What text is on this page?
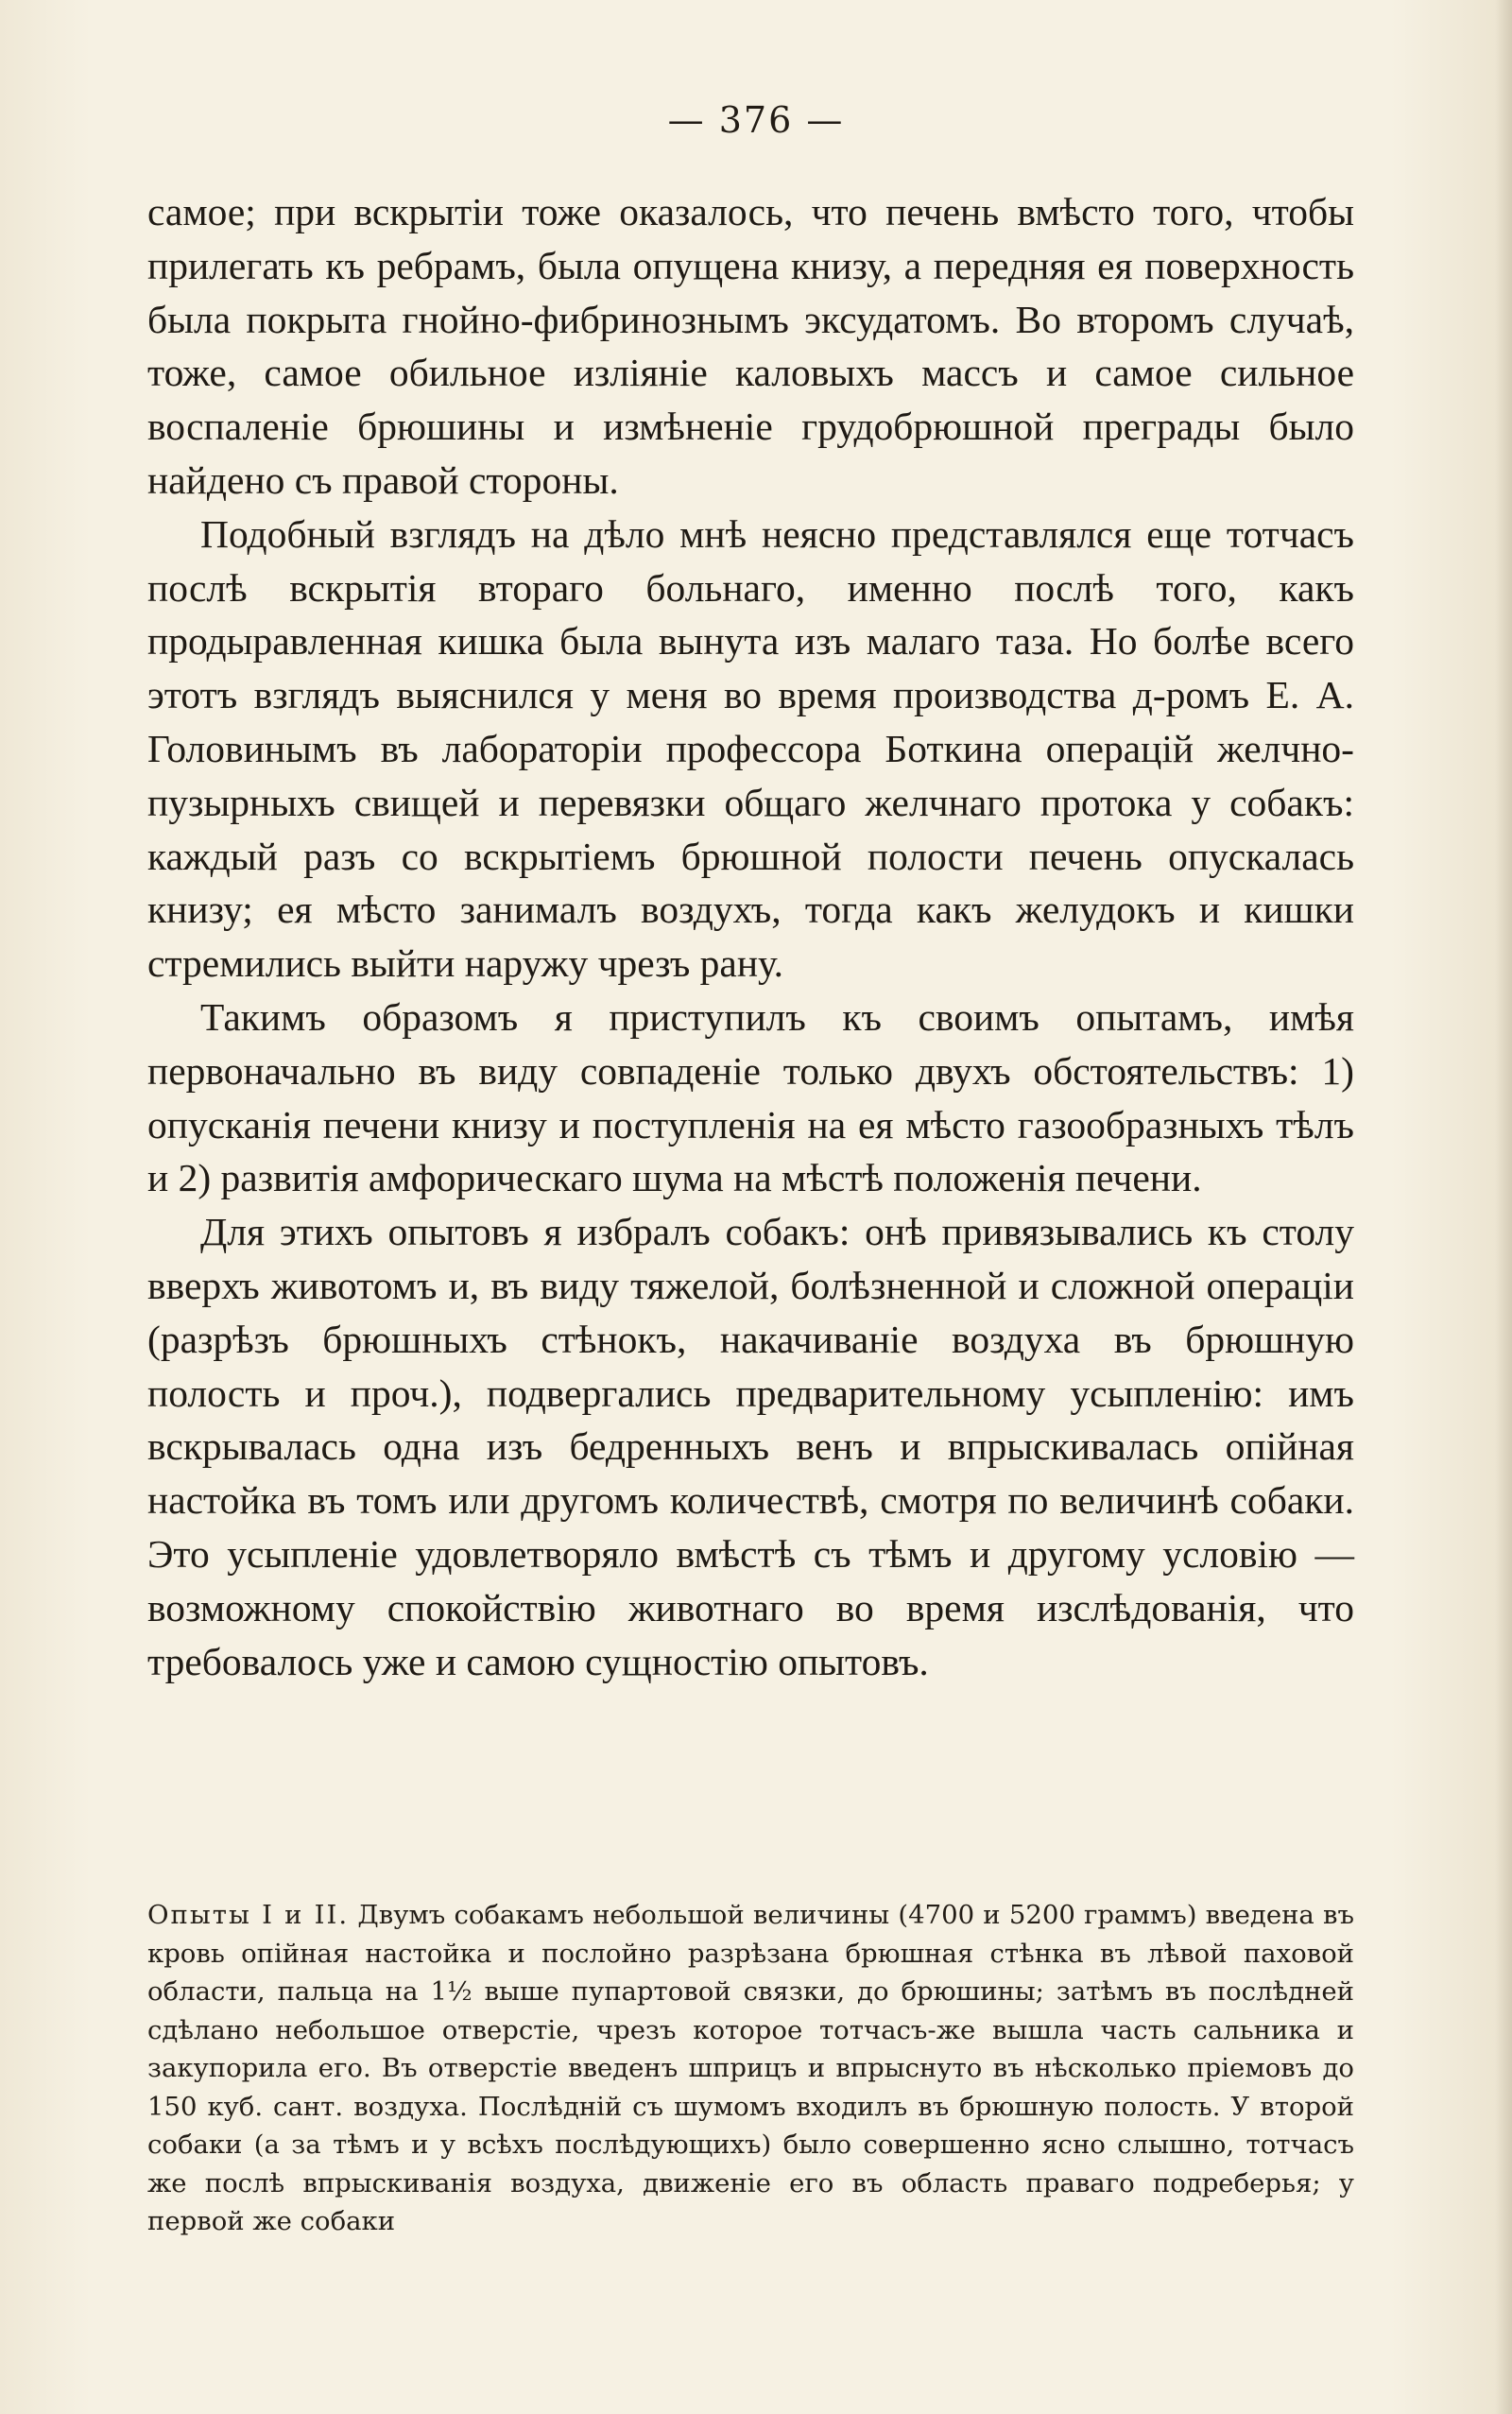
— 376 —

самое; при вскрытіи тоже оказалось, что печень вмѣсто того, чтобы прилегать къ ребрамъ, была опущена книзу, а передняя ея поверхность была покрыта гнойно-фибринознымъ эксудатомъ. Во второмъ случаѣ, тоже, самое обильное изліяніе каловыхъ массъ и самое сильное воспаленіе брюшины и измѣненіе грудобрюшной преграды было найдено съ правой стороны.

Подобный взглядъ на дѣло мнѣ неясно представлялся еще тотчасъ послѣ вскрытія втораго больнаго, именно послѣ того, какъ продыравленная кишка была вынута изъ малаго таза. Но болѣе всего этотъ взглядъ выяснился у меня во время производства д-ромъ Е. А. Головинымъ въ лабораторіи профессора Боткина операцій желчно-пузырныхъ свищей и перевязки общаго желчнаго протока у собакъ: каждый разъ со вскрытіемъ брюшной полости печень опускалась книзу; ея мѣсто занималъ воздухъ, тогда какъ желудокъ и кишки стремились выйти наружу чрезъ рану.

Такимъ образомъ я приступилъ къ своимъ опытамъ, имѣя первоначально въ виду совпаденіе только двухъ обстоятельствъ: 1) опусканія печени книзу и поступленія на ея мѣсто газообразныхъ тѣлъ и 2) развитія амфорическаго шума на мѣстѣ положенія печени.

Для этихъ опытовъ я избралъ собакъ: онѣ привязывались къ столу вверхъ животомъ и, въ виду тяжелой, болѣзненной и сложной операціи (разрѣзъ брюшныхъ стѣнокъ, накачиваніе воздуха въ брюшную полость и проч.), подвергались предварительному усыпленію: имъ вскрывалась одна изъ бедренныхъ венъ и впрыскивалась опійная настойка въ томъ или другомъ количествѣ, смотря по величинѣ собаки. Это усыпленіе удовлетворяло вмѣстѣ съ тѣмъ и другому условію — возможному спокойствію животнаго во время изслѣдованія, что требовалось уже и самою сущностію опытовъ.

Опыты I и II. Двумъ собакамъ небольшой величины (4700 и 5200 граммъ) введена въ кровь опійная настойка и послойно разрѣзана брюшная стѣнка въ лѣвой паховой области, пальца на 1½ выше пупартовой связки, до брюшины; затѣмъ въ послѣдней сдѣлано небольшое отверстіе, чрезъ которое тотчасъ-же вышла часть сальника и закупорила его. Въ отверстіе введенъ шприцъ и впрыснуто въ нѣсколько пріемовъ до 150 куб. сант. воздуха. Послѣдній съ шумомъ входилъ въ брюшную полость. У второй собаки (а за тѣмъ и у всѣхъ послѣдующихъ) было совершенно ясно слышно, тотчасъ же послѣ впрыскиванія воздуха, движеніе его въ область праваго подреберья; у первой же собаки
